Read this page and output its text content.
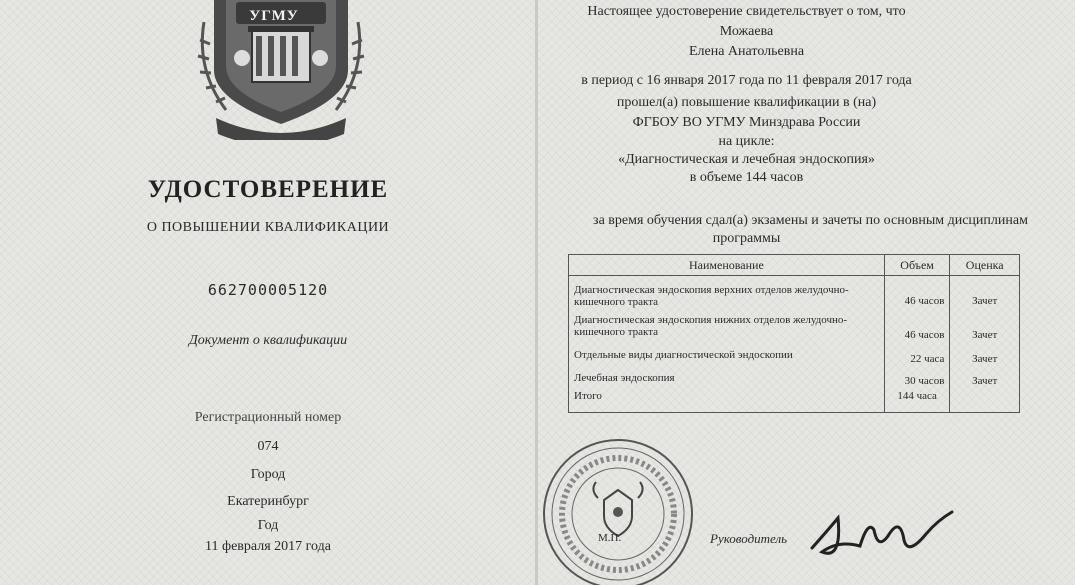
УГМУ
УДОСТОВЕРЕНИЕ
О ПОВЫШЕНИИ КВАЛИФИКАЦИИ
662700005120
Документ о квалификации
Регистрационный номер
074
Город
Екатеринбург
Год
11 февраля 2017 года
Настоящее удостоверение свидетельствует о том, что
Можаева
Елена Анатольевна
в период с 16 января 2017 года по 11 февраля 2017 года
прошел(а) повышение квалификации в (на)
ФГБОУ ВО УГМУ Минздрава России
на цикле:
«Диагностическая и лечебная эндоскопия»
в объеме 144 часов
за время обучения сдал(а) экзамены и зачеты по основным дисциплинам
программы
Наименование	Объем	Оценка
Диагностическая эндоскопия верхних отделов желудочно-кишечного тракта	46 часов	Зачет
Диагностическая эндоскопия нижних отделов желудочно-кишечного тракта	46 часов	Зачет
Отдельные виды диагностической эндоскопии	22 часа	Зачет
Лечебная эндоскопия	30 часов	Зачет
Итого	144 часа	
М.П.	Руководитель
